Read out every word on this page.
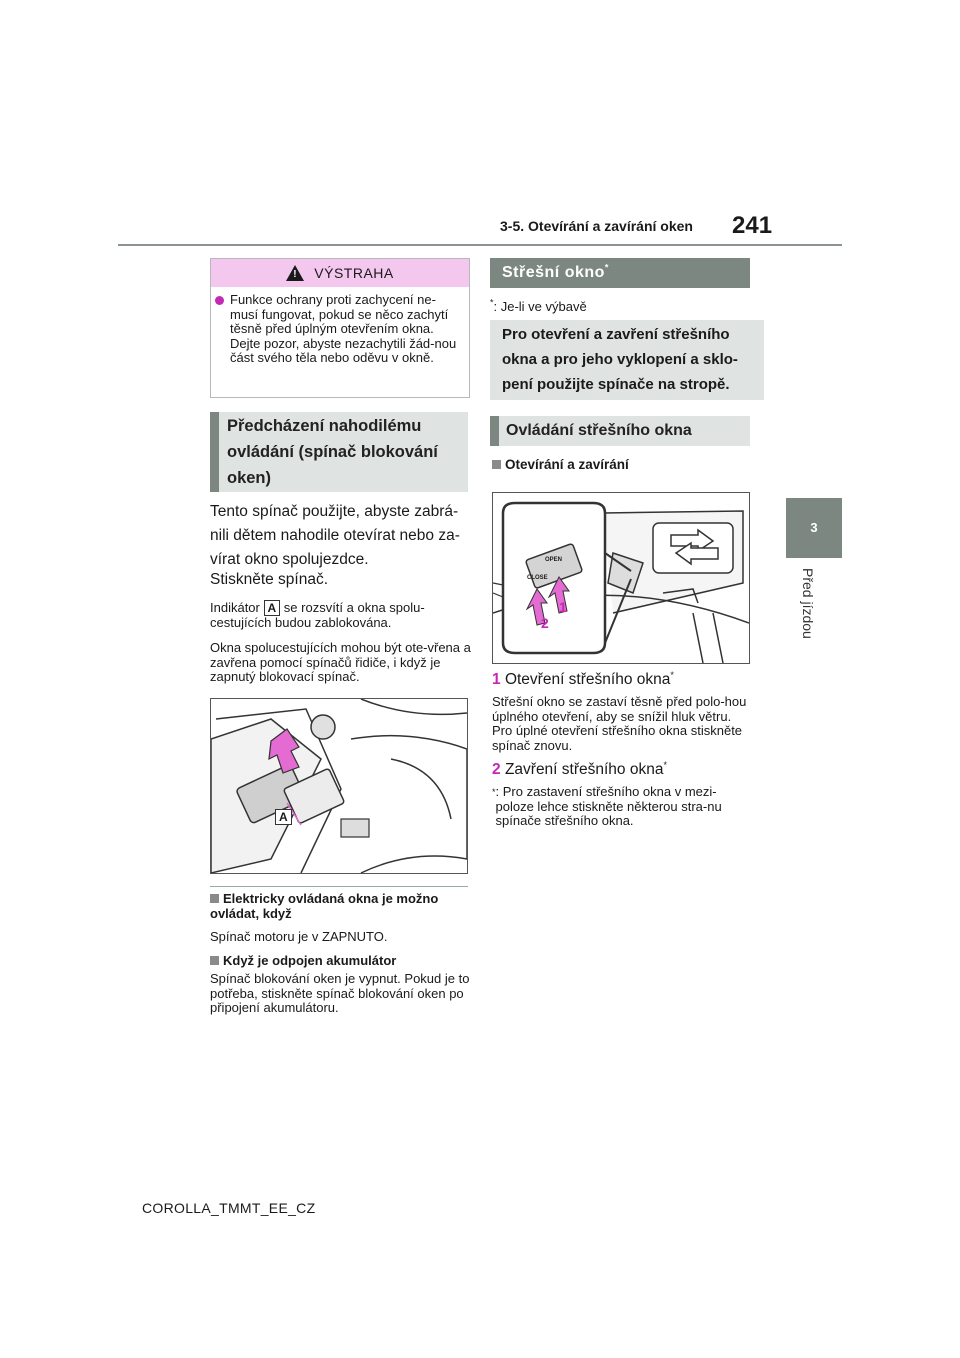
3-5. Otevírání a zavírání oken 241
3
Před jízdou
! VÝSTRAHA
Funkce ochrany proti zachycení ne-musí fungovat, pokud se něco zachytí těsně před úplným otevřením okna. Dejte pozor, abyste nezachytili žád-nou část svého těla nebo oděvu v okně.
Předcházení nahodilému ovládání (spínač blokování oken)
Tento spínač použijte, abyste zabrá-nili dětem nahodile otevírat nebo za-vírat okno spolujezdce.
Stiskněte spínač.
Indikátor A se rozsvítí a okna spolu-cestujících budou zablokována.
Okna spolucestujících mohou být ote-vřena a zavřena pomocí spínačů řidiče, i když je zapnutý blokovací spínač.
A
Elektricky ovládaná okna je možno ovládat, když
Spínač motoru je v ZAPNUTO.
Když je odpojen akumulátor
Spínač blokování oken je vypnut. Pokud je to potřeba, stiskněte spínač blokování oken po připojení akumulátoru.
Střešní okno*
*: Je-li ve výbavě
Pro otevření a zavření střešního okna a pro jeho vyklopení a sklo-pení použijte spínače na stropě.
Ovládání střešního okna
Otevírání a zavírání
OPEN
CLOSE
1
2
1 Otevření střešního okna*
Střešní okno se zastaví těsně před polo-hou úplného otevření, aby se snížil hluk větru. Pro úplné otevření střešního okna stiskněte spínač znovu.
2 Zavření střešního okna*
* : Pro zastavení střešního okna v mezi-poloze lehce stiskněte některou stra-nu spínače střešního okna.
COROLLA_TMMT_EE_CZ
